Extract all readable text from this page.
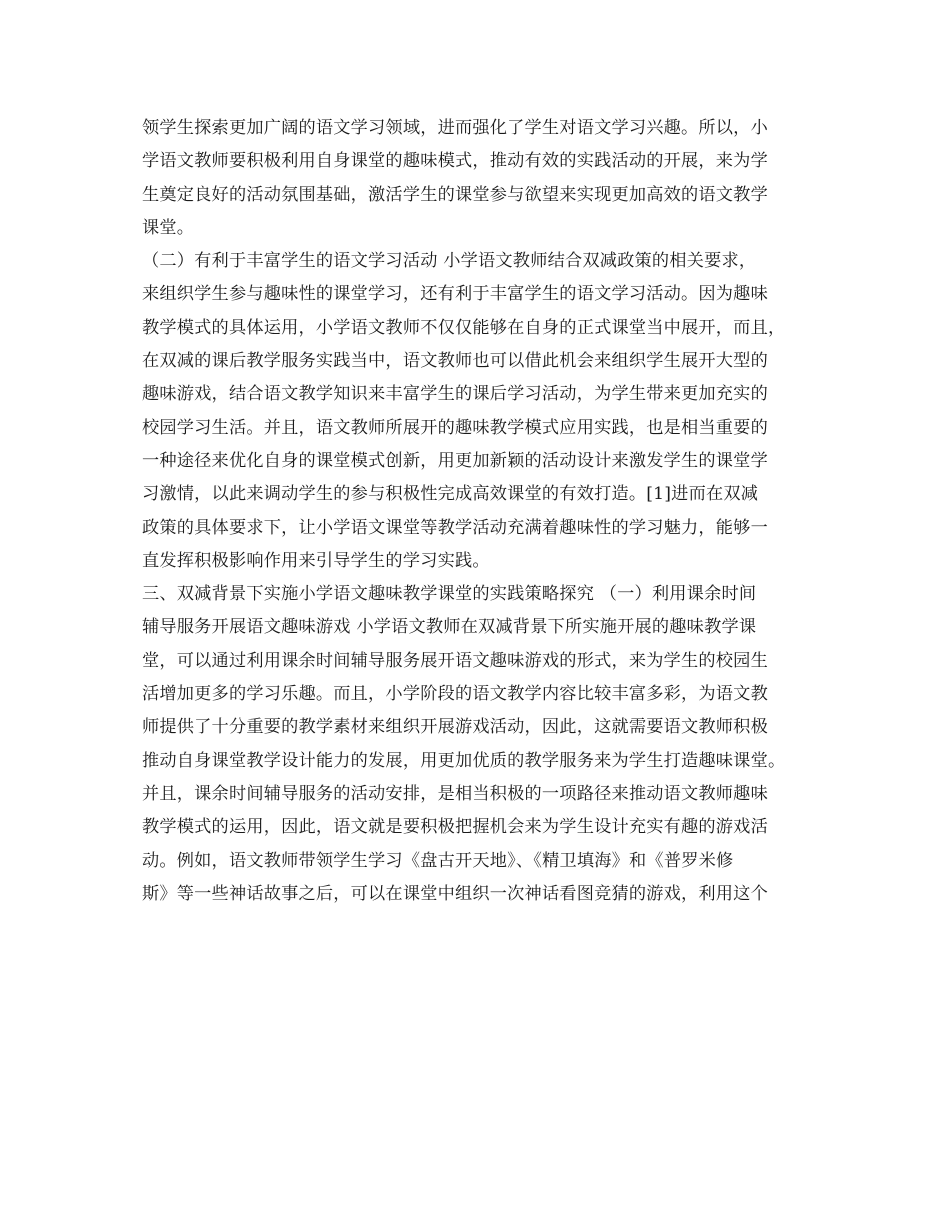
领学生探索更加广阔的语文学习领域，进而强化了学生对语文学习兴趣。所以，小
学语文教师要积极利用自身课堂的趣味模式，推动有效的实践活动的开展，来为学
生奠定良好的活动氛围基础，激活学生的课堂参与欲望来实现更加高效的语文教学
课堂。
（二）有利于丰富学生的语文学习活动 小学语文教师结合双减政策的相关要求，
来组织学生参与趣味性的课堂学习，还有利于丰富学生的语文学习活动。因为趣味
教学模式的具体运用，小学语文教师不仅仅能够在自身的正式课堂当中展开，而且，
在双减的课后教学服务实践当中，语文教师也可以借此机会来组织学生展开大型的
趣味游戏，结合语文教学知识来丰富学生的课后学习活动，为学生带来更加充实的
校园学习生活。并且，语文教师所展开的趣味教学模式应用实践，也是相当重要的
一种途径来优化自身的课堂模式创新，用更加新颖的活动设计来激发学生的课堂学
习激情，以此来调动学生的参与积极性完成高效课堂的有效打造。[1]进而在双减
政策的具体要求下，让小学语文课堂等教学活动充满着趣味性的学习魅力，能够一
直发挥积极影响作用来引导学生的学习实践。
三、双减背景下实施小学语文趣味教学课堂的实践策略探究 （一）利用课余时间
辅导服务开展语文趣味游戏 小学语文教师在双减背景下所实施开展的趣味教学课
堂，可以通过利用课余时间辅导服务展开语文趣味游戏的形式，来为学生的校园生
活增加更多的学习乐趣。而且，小学阶段的语文教学内容比较丰富多彩，为语文教
师提供了十分重要的教学素材来组织开展游戏活动，因此，这就需要语文教师积极
推动自身课堂教学设计能力的发展，用更加优质的教学服务来为学生打造趣味课堂。
并且，课余时间辅导服务的活动安排，是相当积极的一项路径来推动语文教师趣味
教学模式的运用，因此，语文就是要积极把握机会来为学生设计充实有趣的游戏活
动。例如，语文教师带领学生学习《盘古开天地》、《精卫填海》和《普罗米修
斯》等一些神话故事之后，可以在课堂中组织一次神话看图竞猜的游戏，利用这个
